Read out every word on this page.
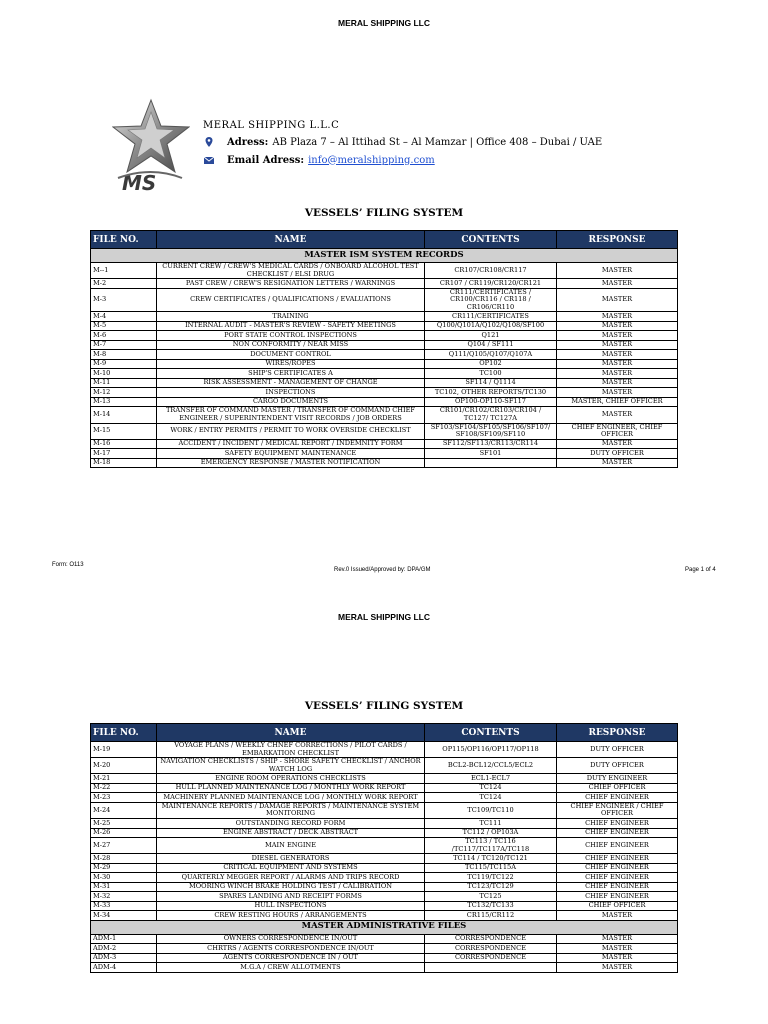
MERAL SHIPPING LLC
MS
MERAL SHIPPING L.L.C
Adress: AB Plaza 7 – Al Ittihad St – Al Mamzar | Office 408 – Dubai / UAE
Email Adress: info@meralshipping.com
VESSELS’ FILING SYSTEM
FILE NO.	NAME	CONTENTS	RESPONSE
MASTER ISM SYSTEM RECORDS			
M--1	CURRENT CREW / CREW'S MEDICAL CARDS / ONBOARD ALCOHOL TEST CHECKLIST / ELSI DRUG	CR107/CR108/CR117	MASTER
M-2	PAST CREW / CREW'S RESIGNATION LETTERS / WARNINGS	CR107 / CR119/CR120/CR121	MASTER
M-3	CREW CERTIFICATES / QUALIFICATIONS / EVALUATIONS	CR111/CERTIFICATES / CR100/CR116 / CR118 / CR106/CR110	MASTER
M-4	TRAINING	CR111/CERTIFICATES	MASTER
M-5	INTERNAL AUDIT - MASTER'S REVIEW - SAFETY MEETINGS	Q100/Q101A/Q102/Q108/SF100	MASTER
M-6	PORT STATE CONTROL INSPECTIONS	Q121	MASTER
M-7	NON CONFORMITY / NEAR MISS	Q104 / SF111	MASTER
M-8	DOCUMENT CONTROL	Q111/Q105/Q107/Q107A	MASTER
M-9	WIRES/ROPES	OP102	MASTER
M-10	SHIP'S CERTIFICATES A	TC100	MASTER
M-11	RISK ASSESSMENT - MANAGEMENT OF CHANGE	SF114 / Q1114	MASTER
M-12	INSPECTIONS	TC102, OTHER REPORTS/TC130	MASTER
M-13	CARGO DOCUMENTS	OP100-OP110-SF117	MASTER, CHIEF OFFICER
M-14	TRANSFER OF COMMAND MASTER / TRANSFER OF COMMAND CHIEF ENGINEER / SUPERINTENDENT VISIT RECORDS / JOB ORDERS	CR101/CR102/CR103/CR104 / TC127/ TC127A	MASTER
M-15	WORK / ENTRY PERMITS / PERMIT TO WORK OVERSIDE CHECKLIST	SF103/SF104/SF105/SF106/SF107/ SF108/SF109/SF110	CHIEF ENGINEER, CHIEF OFFICER
M-16	ACCIDENT / INCIDENT / MEDICAL REPORT / INDEMNITY FORM	SF112/SF113/CR113/CR114	MASTER
M-17	SAFETY EQUIPMENT MAINTENANCE	SF101	DUTY OFFICER
M-18	EMERGENCY RESPONSE / MASTER NOTIFICATION		MASTER
Form: O113
Rev.0 Issued/Approved by: DPA/GM	Page 1 of 4
MERAL SHIPPING LLC
VESSELS’ FILING SYSTEM
FILE NO.	NAME	CONTENTS	RESPONSE
M-19	VOYAGE PLANS / WEEKLY CHNEF CORRECTIONS / PILOT CARDS / EMBARKATION CHECKLIST	OP115/OP116/OP117/OP118	DUTY OFFICER
M-20	NAVIGATION CHECKLISTS / SHIP - SHORE SAFETY CHECKLIST / ANCHOR WATCH LOG	BCL2-BCL12/CCL5/ECL2	DUTY OFFICER
M-21	ENGINE ROOM OPERATIONS CHECKLISTS	ECL1-ECL7	DUTY ENGINEER
M-22	HULL PLANNED MAINTENANCE LOG / MONTHLY WORK REPORT	TC124	CHIEF OFFICER
M-23	MACHINERY PLANNED MAINTENANCE LOG / MONTHLY WORK REPORT	TC124	CHIEF ENGINEER
M-24	MAINTENANCE REPORTS / DAMAGE REPORTS / MAINTENANCE SYSTEM MONITORING	TC109/TC110	CHIEF ENGINEER / CHIEF OFFICER
M-25	OUTSTANDING RECORD FORM	TC111	CHIEF ENGINEER
M-26	ENGINE ABSTRACT / DECK ABSTRACT	TC112 / OP103A	CHIEF ENGINEER
M-27	MAIN ENGINE	TC113 / TC116 /TC117/TC117A/TC118	CHIEF ENGINEER
M-28	DIESEL GENERATORS	TC114 / TC120/TC121	CHIEF ENGINEER
M-29	CRITICAL EQUIPMENT AND SYSTEMS	TC115/TC115A	CHIEF ENGINEER
M-30	QUARTERLY MEGGER REPORT / ALARMS AND TRIPS RECORD	TC119/TC122	CHIEF ENGINEER
M-31	MOORING WINCH BRAKE HOLDING TEST / CALIBRATION	TC123/TC129	CHIEF ENGINEER
M-32	SPARES LANDING AND RECEIPT FORMS	TC125	CHIEF ENGINEER
M-33	HULL INSPECTIONS	TC132/TC133	CHIEF OFFICER
M-34	CREW RESTING HOURS / ARRANGEMENTS	CR115/CR112	MASTER
MASTER ADMINISTRATIVE FILES			
ADM-1	OWNERS CORRESPONDENCE IN/OUT	CORRESPONDENCE	MASTER
ADM-2	CHRTRS / AGENTS CORRESPONDENCE IN/OUT	CORRESPONDENCE	MASTER
ADM-3	AGENTS CORRESPONDENCE IN / OUT	CORRESPONDENCE	MASTER
ADM-4	M.G.A / CREW ALLOTMENTS		MASTER
